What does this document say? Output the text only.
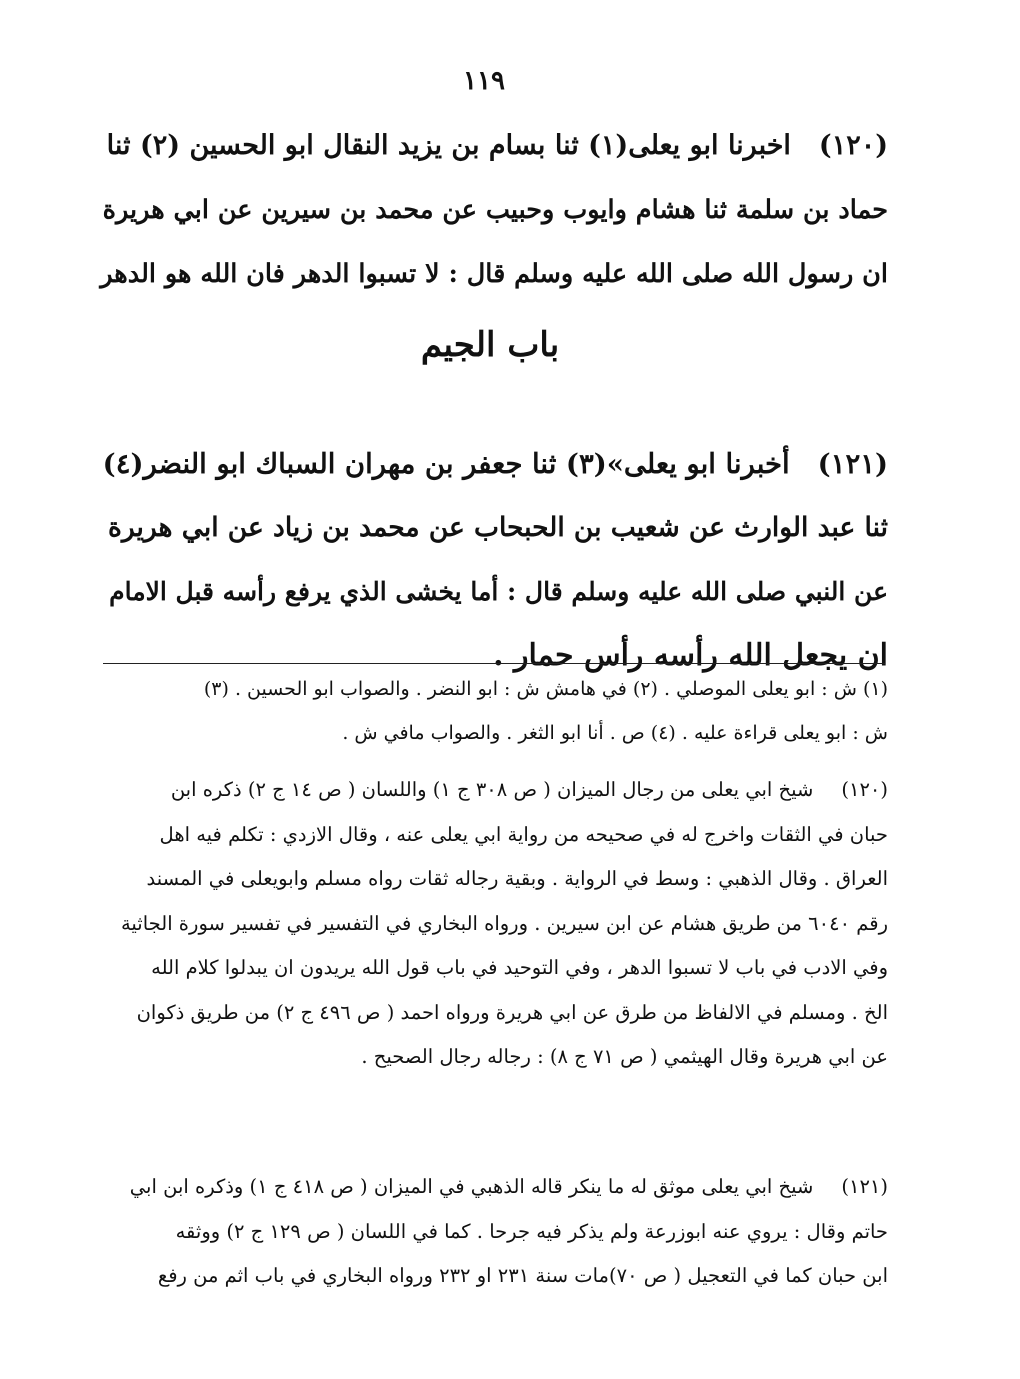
١١٩
(١٢٠)اخبرنا ابو يعلى(١) ثنا بسام بن يزيد النقال ابو الحسين (٢) ثنا
حماد بن سلمة ثنا هشام وايوب وحبيب عن محمد بن سيرين عن ابي هريرة
ان رسول الله صلى الله عليه وسلم قال : لا تسبوا الدهر فان الله هو الدهر
باب الجيم
(١٢١)أخبرنا ابو يعلى»(٣) ثنا جعفر بن مهران السباك ابو النضر(٤)
ثنا عبد الوارث عن شعيب بن الحبحاب عن محمد بن زياد عن ابي هريرة
عن النبي صلى الله عليه وسلم قال : أما يخشى الذي يرفع رأسه قبل الامام
ان يجعل الله رأسه رأس حمار .
(١) ش : ابو يعلى الموصلي . (٢) في هامش ش : ابو النضر . والصواب ابو الحسين . (٣)
ش : ابو يعلى قراءة عليه . (٤) ص . أنا ابو الثغر . والصواب مافي ش .
(١٢٠)شيخ ابي يعلى من رجال الميزان ( ص ٣٠٨ ج ١) واللسان ( ص ١٤ ج ٢) ذكره ابن
حبان في الثقات واخرج له في صحيحه من رواية ابي يعلى عنه ، وقال الازدي : تكلم فيه اهل
العراق . وقال الذهبي : وسط في الرواية . وبقية رجاله ثقات رواه مسلم وابويعلى في المسند
رقم ٦٠٤٠ من طريق هشام عن ابن سيرين . ورواه البخاري في التفسير في تفسير سورة الجاثية
وفي الادب في باب لا تسبوا الدهر ، وفي التوحيد في باب قول الله يريدون ان يبدلوا كلام الله
الخ . ومسلم في الالفاظ من طرق عن ابي هريرة ورواه احمد ( ص ٤٩٦ ج ٢) من طريق ذكوان
عن ابي هريرة وقال الهيثمي ( ص ٧١ ج ٨) : رجاله رجال الصحيح .
(١٢١)شيخ ابي يعلى موثق له ما ينكر قاله الذهبي في الميزان ( ص ٤١٨ ج ١) وذكره ابن ابي
حاتم وقال : يروي عنه ابوزرعة ولم يذكر فيه جرحا . كما في اللسان ( ص ١٢٩ ج ٢) ووثقه
ابن حبان كما في التعجيل ( ص ٧٠)مات سنة ٢٣١ او ٢٣٢ ورواه البخاري في باب اثم من رفع
